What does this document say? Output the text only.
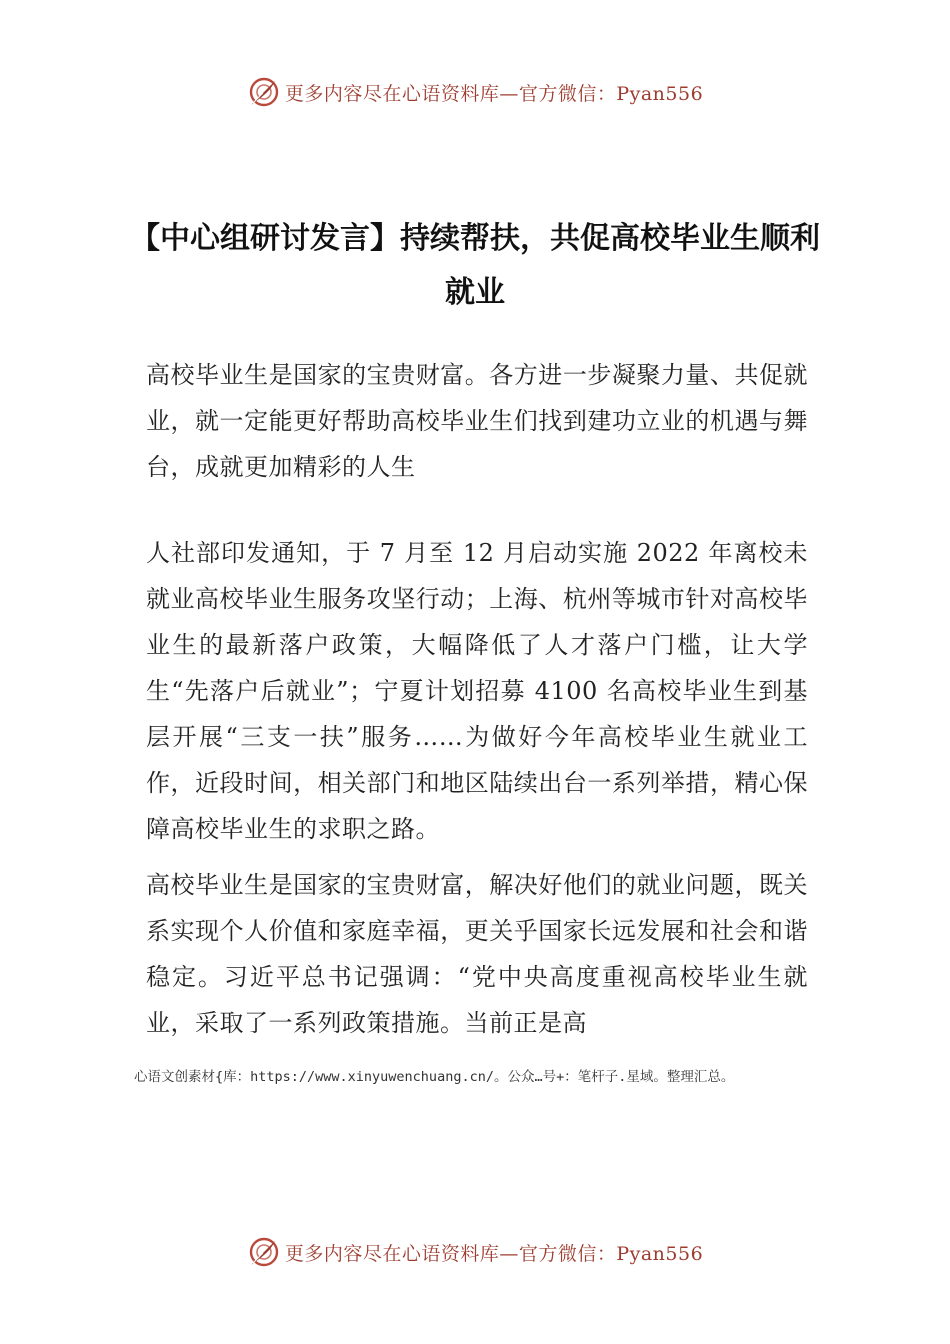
更多内容尽在心语资料库—官方微信：Pyan556
【中心组研讨发言】持续帮扶，共促高校毕业生顺利就业

高校毕业生是国家的宝贵财富。各方进一步凝聚力量、共促就业，就一定能更好帮助高校毕业生们找到建功立业的机遇与舞台，成就更加精彩的人生

人社部印发通知，于 7 月至 12 月启动实施 2022 年离校未就业高校毕业生服务攻坚行动；上海、杭州等城市针对高校毕业生的最新落户政策，大幅降低了人才落户门槛，让大学生“先落户后就业”；宁夏计划招募 4100 名高校毕业生到基层开展“三支一扶”服务……为做好今年高校毕业生就业工作，近段时间，相关部门和地区陆续出台一系列举措，精心保障高校毕业生的求职之路。

高校毕业生是国家的宝贵财富，解决好他们的就业问题，既关系实现个人价值和家庭幸福，更关乎国家长远发展和社会和谐稳定。习近平总书记强调：“党中央高度重视高校毕业生就业，采取了一系列政策措施。当前正是高

心语文创素材{库：https://www.xinyuwenchuang.cn/。公众…号+：笔杆子.星域。整理汇总。

更多内容尽在心语资料库—官方微信：Pyan556
